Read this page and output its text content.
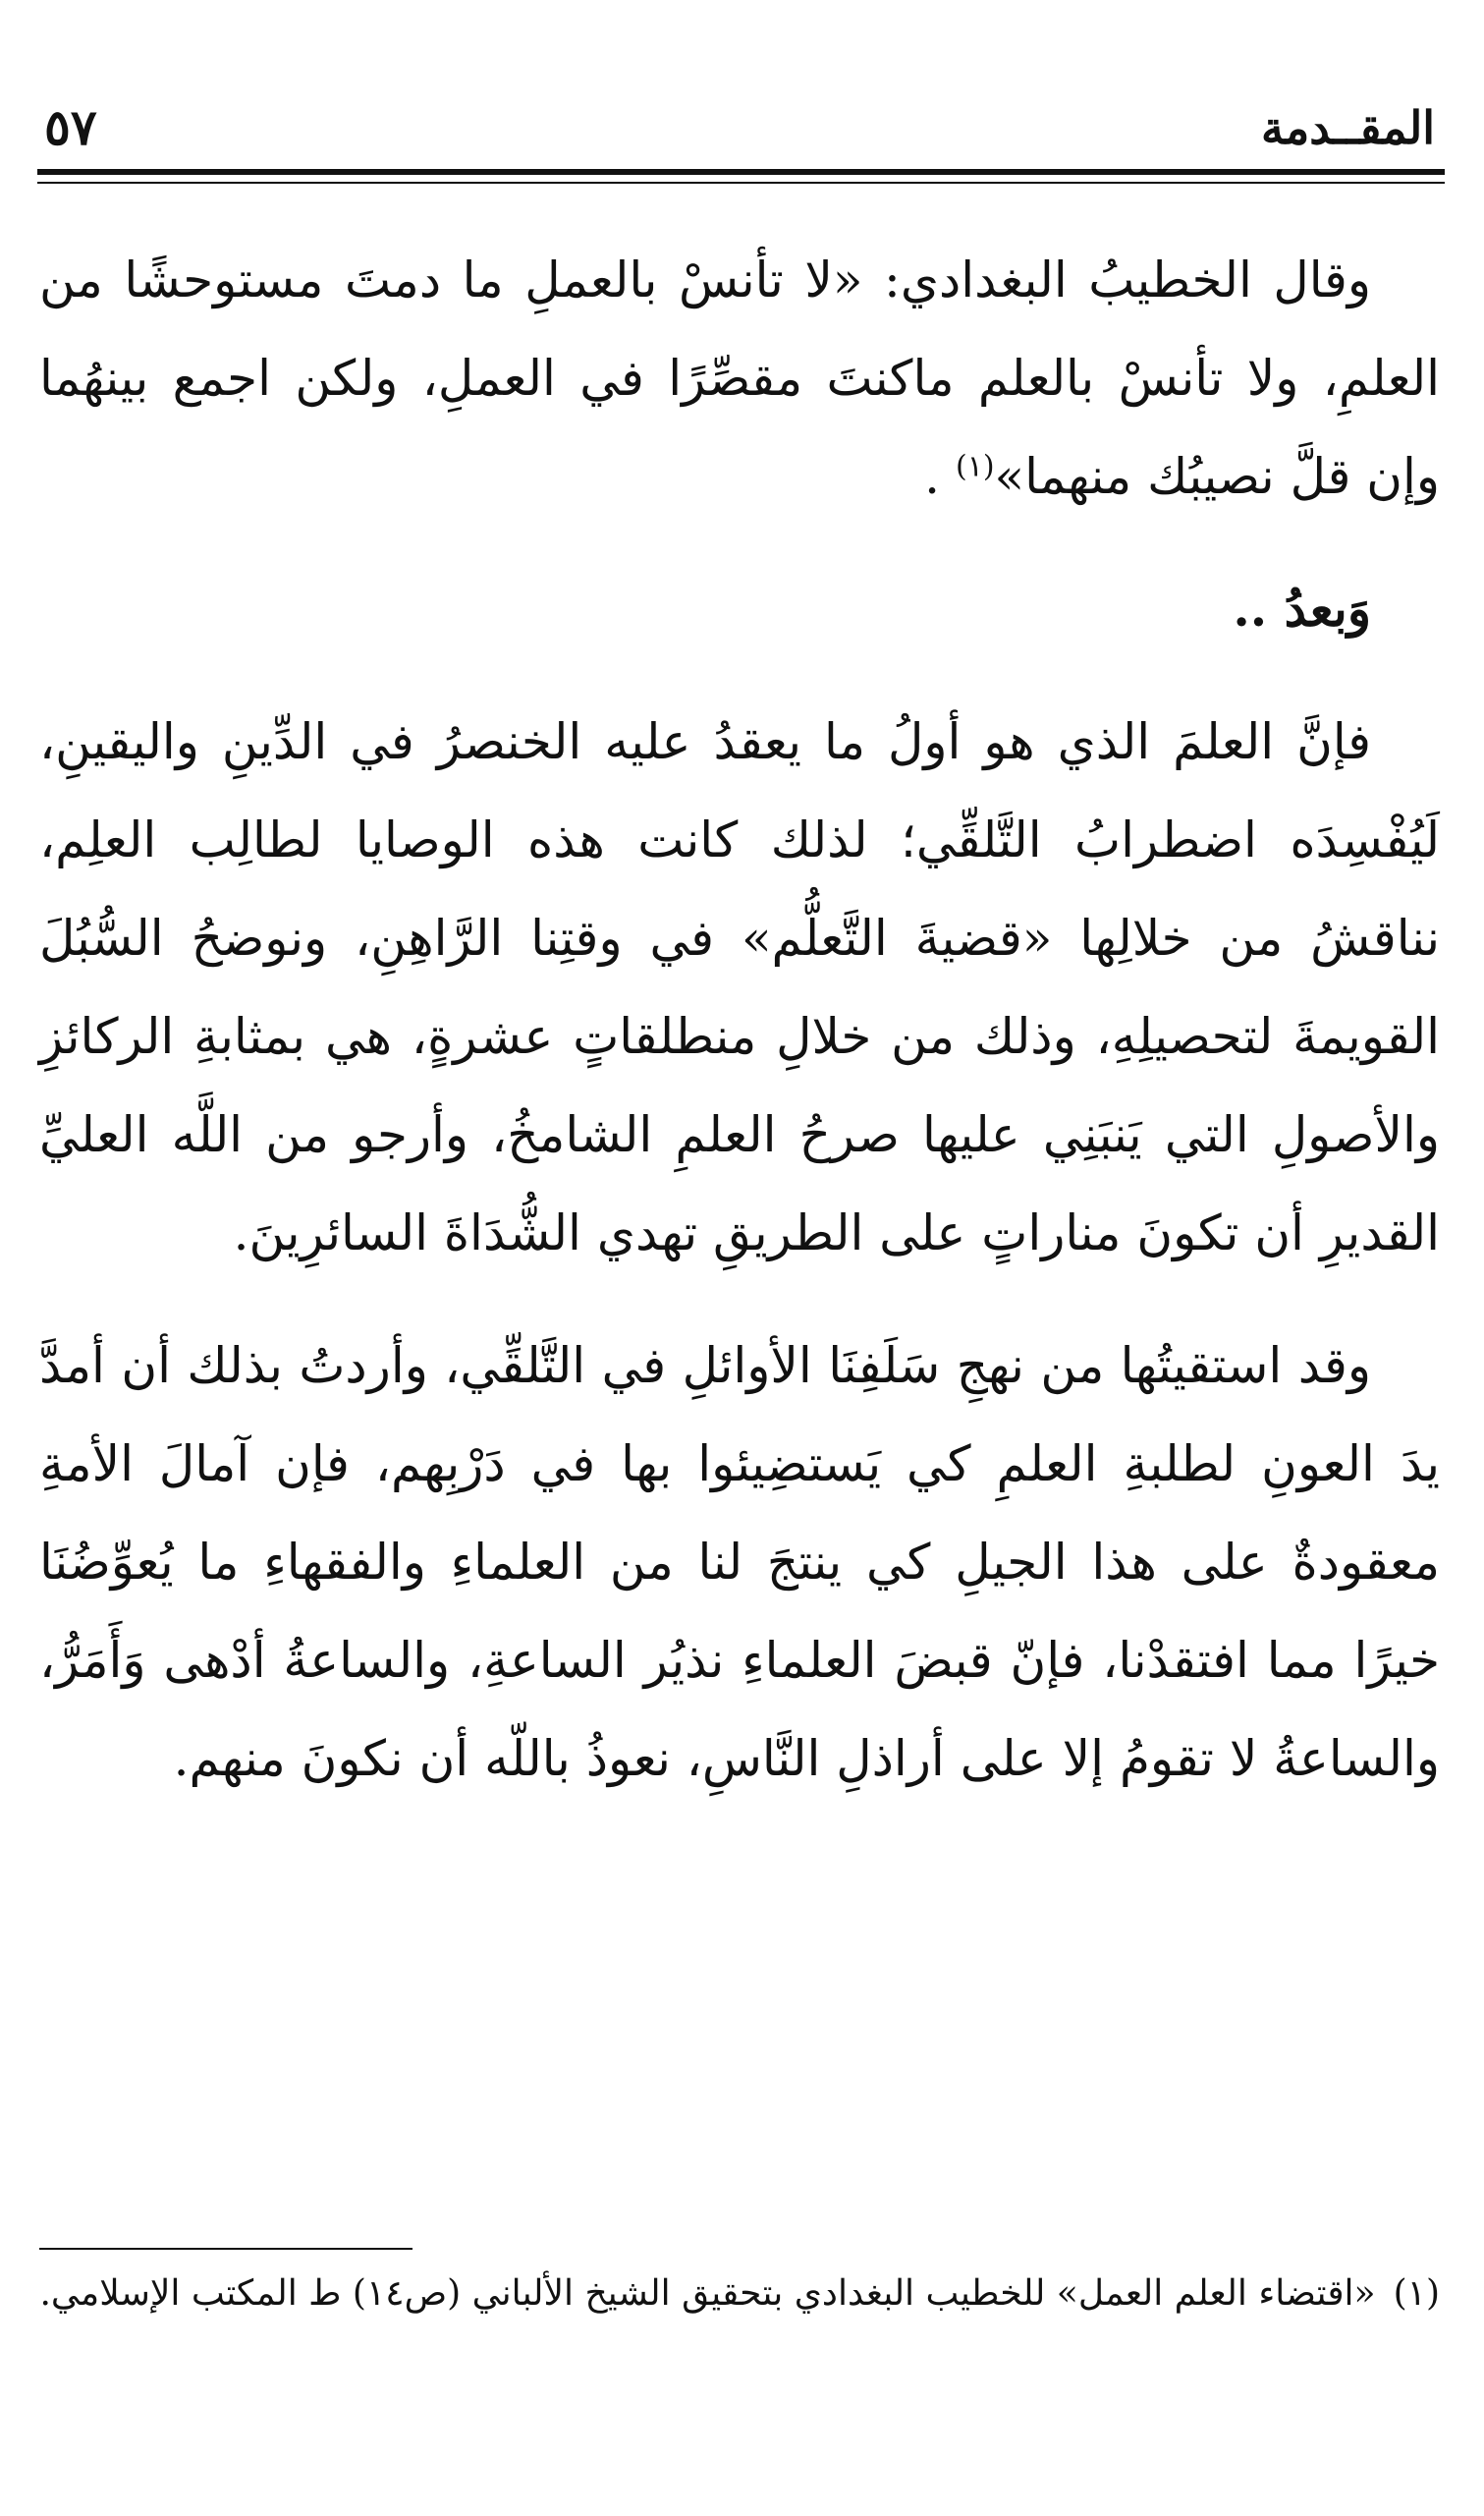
المقــدمة
٥٧

وقال الخطيبُ البغدادي: «لا تأنسْ بالعملِ ما دمتَ مستوحشًا من العلمِ، ولا تأنسْ بالعلم ماكنتَ مقصِّرًا في العملِ، ولكن اجمع بينهُما وإن قلَّ نصيبُك منهما»$^{(١)}$ .

وَبعدُ ..

فإنَّ العلمَ الذي هو أولُ ما يعقدُ عليه الخنصرُ في الدِّينِ واليقينِ، لَيُفْسِدَه اضطرابُ التَّلقِّي؛ لذلك كانت هذه الوصايا لطالِب العلِم، نناقشُ من خلالِها «قضيةَ التَّعلُّم» في وقتِنا الرَّاهِنِ، ونوضحُ السُّبُلَ القويمةَ لتحصيلِهِ، وذلك من خلالِ منطلقاتٍ عشرةٍ، هي بمثابةِ الركائزِ والأصولِ التي يَنبَنِي عليها صرحُ العلمِ الشامخُ، وأرجو من اللَّه العليِّ القديرِ أن تكونَ مناراتٍ على الطريقِ تهدي الشُّدَاةَ السائرِينَ.

وقد استقيتُها من نهجِ سَلَفِنَا الأوائلِ في التَّلقِّي، وأردتُ بذلك أن أمدَّ يدَ العونِ لطلبةِ العلمِ كي يَستضِيئوا بها في دَرْبِهم، فإن آمالَ الأمةِ معقودةٌ على هذا الجيلِ كي ينتجَ لنا من العلماءِ والفقهاءِ ما يُعوِّضُنَا خيرًا مما افتقدْنا، فإنّ قبضَ العلماءِ نذيُر الساعةِ، والساعةُ أدْهى وَأَمَرُّ، والساعةُ لا تقومُ إلا على أراذلِ النَّاسِ، نعوذُ باللّه أن نكونَ منهم.

(١)«اقتضاء العلم العمل» للخطيب البغدادي بتحقيق الشيخ الألباني (ص١٤) ط المكتب الإسلامي.
